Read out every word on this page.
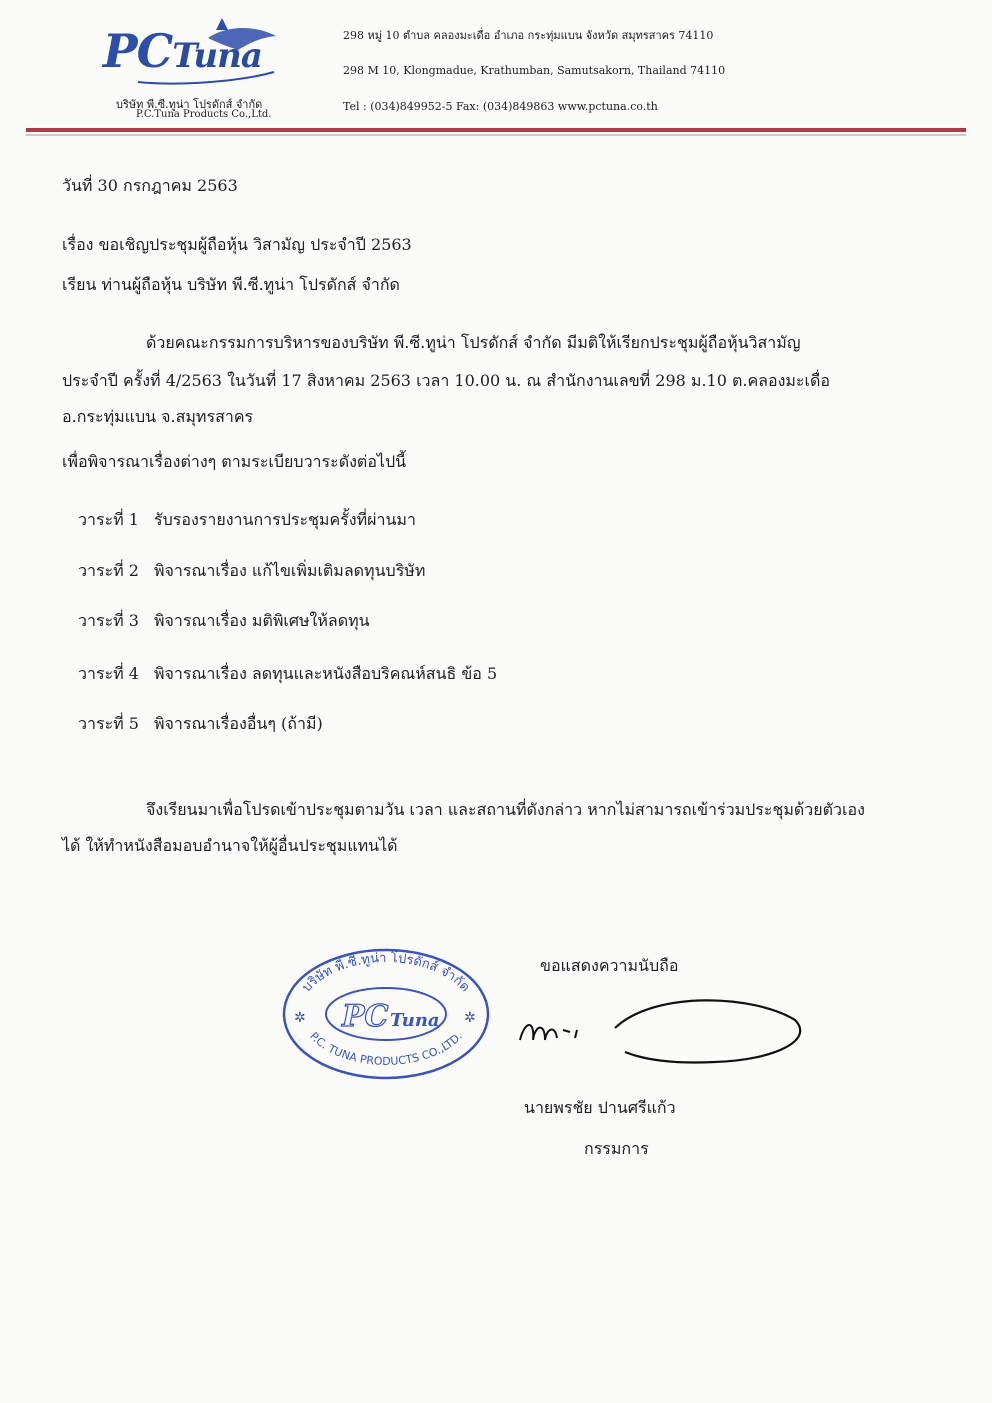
PCTuna
บริษัท พี.ซี.ทูน่า โปรดักส์ จำกัด
P.C.Tuna Products Co.,Ltd.
298 หมู่ 10 ตำบล คลองมะเดื่อ อำเภอ กระทุ่มแบน จังหวัด สมุทรสาคร 74110
298 M 10, Klongmadue, Krathumban, Samutsakorn, Thailand 74110
Tel : (034)849952-5 Fax: (034)849863 www.pctuna.co.th
วันที่ 30 กรกฎาคม 2563
เรื่อง ขอเชิญประชุมผู้ถือหุ้น วิสามัญ ประจำปี 2563
เรียน ท่านผู้ถือหุ้น บริษัท พี.ซี.ทูน่า โปรดักส์ จำกัด
ด้วยคณะกรรมการบริหารของบริษัท พี.ซี.ทูน่า โปรดักส์ จำกัด มีมติให้เรียกประชุมผู้ถือหุ้นวิสามัญ
ประจำปี ครั้งที่ 4/2563 ในวันที่ 17 สิงหาคม 2563 เวลา 10.00 น. ณ สำนักงานเลขที่ 298 ม.10 ต.คลองมะเดื่อ
อ.กระทุ่มแบน จ.สมุทรสาคร
เพื่อพิจารณาเรื่องต่างๆ ตามระเบียบวาระดังต่อไปนี้
วาระที่ 1 รับรองรายงานการประชุมครั้งที่ผ่านมา
วาระที่ 2 พิจารณาเรื่อง แก้ไขเพิ่มเติมลดทุนบริษัท
วาระที่ 3 พิจารณาเรื่อง มติพิเศษให้ลดทุน
วาระที่ 4 พิจารณาเรื่อง ลดทุนและหนังสือบริคณห์สนธิ ข้อ 5
วาระที่ 5 พิจารณาเรื่องอื่นๆ (ถ้ามี)
จึงเรียนมาเพื่อโปรดเข้าประชุมตามวัน เวลา และสถานที่ดังกล่าว หากไม่สามารถเข้าร่วมประชุมด้วยตัวเอง
ได้ ให้ทำหนังสือมอบอำนาจให้ผู้อื่นประชุมแทนได้
ขอแสดงความนับถือ
บริษัท พี.ซี.ทูน่า โปรดักส์ จำกัด
P.C. TUNA PRODUCTS CO.,LTD.
PC Tuna
✲	✲
นายพรชัย ปานศรีแก้ว
กรรมการ
